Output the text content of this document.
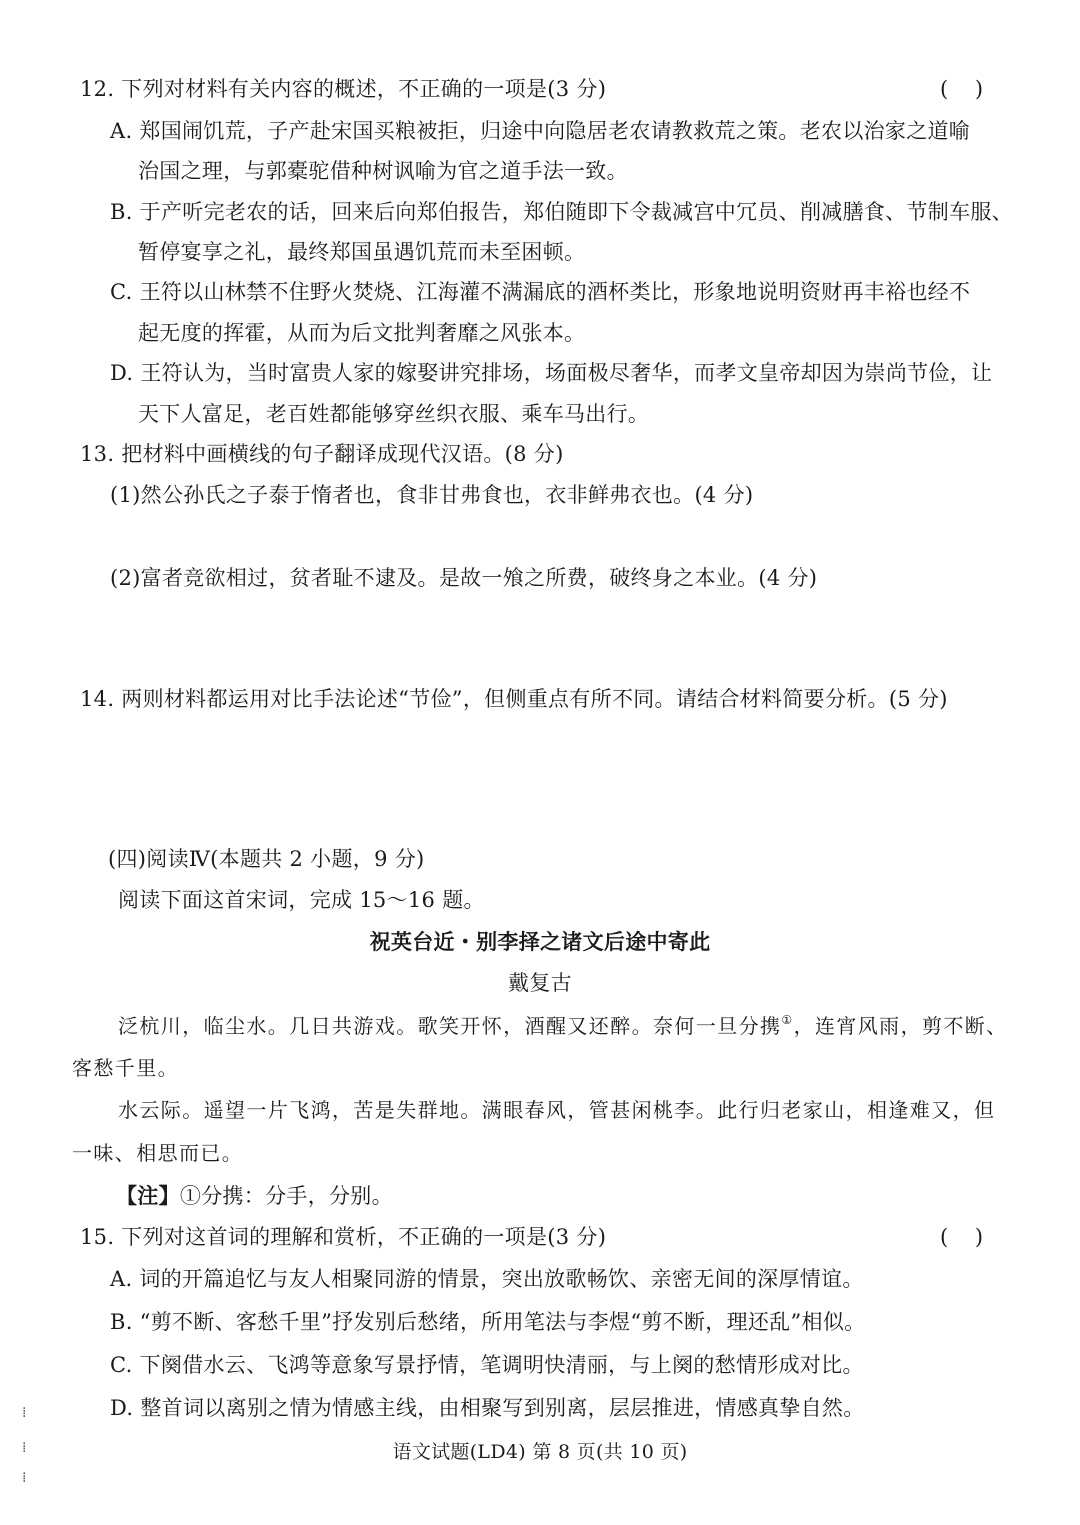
12. 下列对材料有关内容的概述，不正确的一项是(3 分)	(    )
A. 郑国闹饥荒，子产赴宋国买粮被拒，归途中向隐居老农请教救荒之策。老农以治家之道喻
治国之理，与郭橐驼借种树讽喻为官之道手法一致。
B. 于产听完老农的话，回来后向郑伯报告，郑伯随即下令裁减宫中冗员、削减膳食、节制车服、
暂停宴享之礼，最终郑国虽遇饥荒而未至困顿。
C. 王符以山林禁不住野火焚烧、江海灌不满漏底的酒杯类比，形象地说明资财再丰裕也经不
起无度的挥霍，从而为后文批判奢靡之风张本。
D. 王符认为，当时富贵人家的嫁娶讲究排场，场面极尽奢华，而孝文皇帝却因为崇尚节俭，让
天下人富足，老百姓都能够穿丝织衣服、乘车马出行。
13. 把材料中画横线的句子翻译成现代汉语。(8 分)
(1)然公孙氏之子泰于惰者也，食非甘弗食也，衣非鲜弗衣也。(4 分)
(2)富者竞欲相过，贫者耻不逮及。是故一飧之所费，破终身之本业。(4 分)
14. 两则材料都运用对比手法论述“节俭”，但侧重点有所不同。请结合材料简要分析。(5 分)
(四)阅读Ⅳ(本题共 2 小题，9 分)
阅读下面这首宋词，完成 15～16 题。
祝英台近・别李择之诸文后途中寄此
戴复古
泛杭川，临尘水。几日共游戏。歌笑开怀，酒醒又还醉。奈何一旦分携①，连宵风雨，剪不断、
客愁千里。
水云际。遥望一片飞鸿，苦是失群地。满眼春风，管甚闲桃李。此行归老家山，相逢难又，但
一味、相思而已。
【注】①分携：分手，分别。
15. 下列对这首词的理解和赏析，不正确的一项是(3 分)	(    )
A. 词的开篇追忆与友人相聚同游的情景，突出放歌畅饮、亲密无间的深厚情谊。
B. “剪不断、客愁千里”抒发别后愁绪，所用笔法与李煜“剪不断，理还乱”相似。
C. 下阕借水云、飞鸿等意象写景抒情，笔调明快清丽，与上阕的愁情形成对比。
D. 整首词以离别之情为情感主线，由相聚写到别离，层层推进，情感真挚自然。
语文试题(LD4) 第 8 页(共 10 页)
⁞
⁞
⁞
